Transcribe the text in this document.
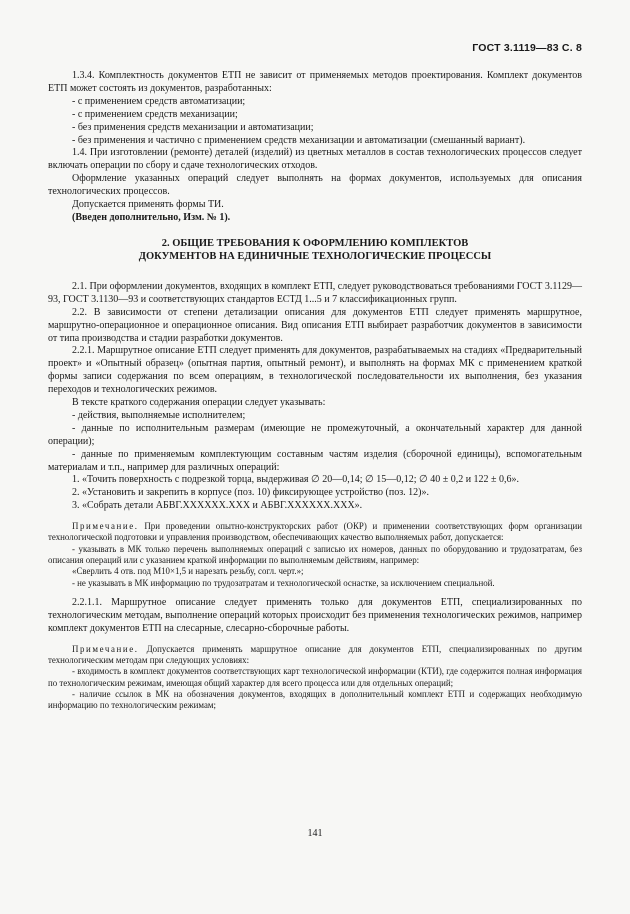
ГОСТ 3.1119—83 С. 8

1.3.4. Комплектность документов ЕТП не зависит от применяемых методов проектирования. Комплект документов ЕТП может состоять из документов, разработанных:

- с применением средств автоматизации;

- с применением средств механизации;

- без применения средств механизации и автоматизации;

- без применения и частично с применением средств механизации и автоматизации (смешанный вариант).

1.4. При изготовлении (ремонте) деталей (изделий) из цветных металлов в состав технологических процессов следует включать операции по сбору и сдаче технологических отходов.

Оформление указанных операций следует выполнять на формах документов, используемых для описания технологических процессов.

Допускается применять формы ТИ.

(Введен дополнительно, Изм. № 1).

2. ОБЩИЕ ТРЕБОВАНИЯ К ОФОРМЛЕНИЮ КОМПЛЕКТОВ
ДОКУМЕНТОВ НА ЕДИНИЧНЫЕ ТЕХНОЛОГИЧЕСКИЕ ПРОЦЕССЫ

2.1. При оформлении документов, входящих в комплект ЕТП, следует руководствоваться требованиями ГОСТ 3.1129—93, ГОСТ 3.1130—93 и соответствующих стандартов ЕСТД 1...5 и 7 классификационных групп.

2.2. В зависимости от степени детализации описания для документов ЕТП следует применять маршрутное, маршрутно-операционное и операционное описания. Вид описания ЕТП выбирает разработчик документов в зависимости от типа производства и стадии разработки документов.

2.2.1. Маршрутное описание ЕТП следует применять для документов, разрабатываемых на стадиях «Предварительный проект» и «Опытный образец» (опытная партия, опытный ремонт), и выполнять на формах МК с применением краткой формы записи содержания по всем операциям, в технологической последовательности их выполнения, без указания переходов и технологических режимов.

В тексте краткого содержания операции следует указывать:

- действия, выполняемые исполнителем;

- данные по исполнительным размерам (имеющие не промежуточный, а окончательный характер для данной операции);

- данные по применяемым комплектующим составным частям изделия (сборочной единицы), вспомогательным материалам и т.п., например для различных операций:

1. «Точить поверхность с подрезкой торца, выдерживая ∅ 20—0,14; ∅ 15—0,12; ∅ 40 ± 0,2 и 122 ± 0,6».

2. «Установить и закрепить в корпусе (поз. 10) фиксирующее устройство (поз. 12)».

3. «Собрать детали АБВГ.XXXXXX.XXX и АБВГ.XXXXXX.XXX».

Примечание. При проведении опытно-конструкторских работ (ОКР) и применении соответствующих форм организации технологической подготовки и управления производством, обеспечивающих качество выполняемых работ, допускается:

- указывать в МК только перечень выполняемых операций с записью их номеров, данных по оборудованию и трудозатратам, без описания операций или с указанием краткой информации по выполняемым действиям, например:

«Сверлить 4 отв. под М10×1,5 и нарезать резьбу, согл. черт.»;

- не указывать в МК информацию по трудозатратам и технологической оснастке, за исключением специальной.

2.2.1.1. Маршрутное описание следует применять только для документов ЕТП, специализированных по технологическим методам, выполнение операций которых происходит без применения технологических режимов, например комплект документов ЕТП на слесарные, слесарно-сборочные работы.

Примечание. Допускается применять маршрутное описание для документов ЕТП, специализированных по другим технологическим методам при следующих условиях:

- входимость в комплект документов соответствующих карт технологической информации (КТИ), где содержится полная информация по технологическим режимам, имеющая общий характер для всего процесса или для отдельных операций;

- наличие ссылок в МК на обозначения документов, входящих в дополнительный комплект ЕТП и содержащих необходимую информацию по технологическим режимам;

141
